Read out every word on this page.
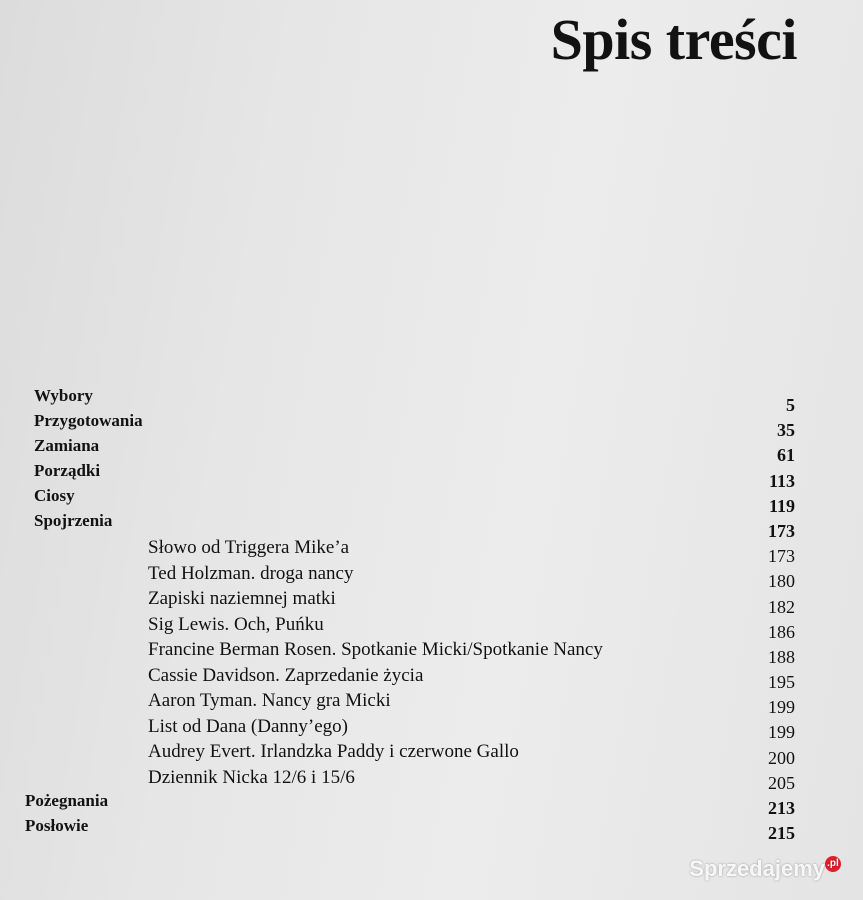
Spis treści
Wybory
Przygotowania
Zamiana
Porządki
Ciosy
Spojrzenia
Pożegnania
Posłowie
Słowo od Triggera Mike’a
Ted Holzman. droga nancy
Zapiski naziemnej matki
Sig Lewis. Och, Puńku
Francine Berman Rosen. Spotkanie Micki/Spotkanie Nancy
Cassie Davidson. Zaprzedanie życia
Aaron Tyman. Nancy gra Micki
List od Dana (Danny’ego)
Audrey Evert. Irlandzka Paddy i czerwone Gallo
Dziennik Nicka 12/6 i 15/6
5
35
61
113
119
173
173
180
182
186
188
195
199
199
200
205
213
215
Sprzedajemy .pl
